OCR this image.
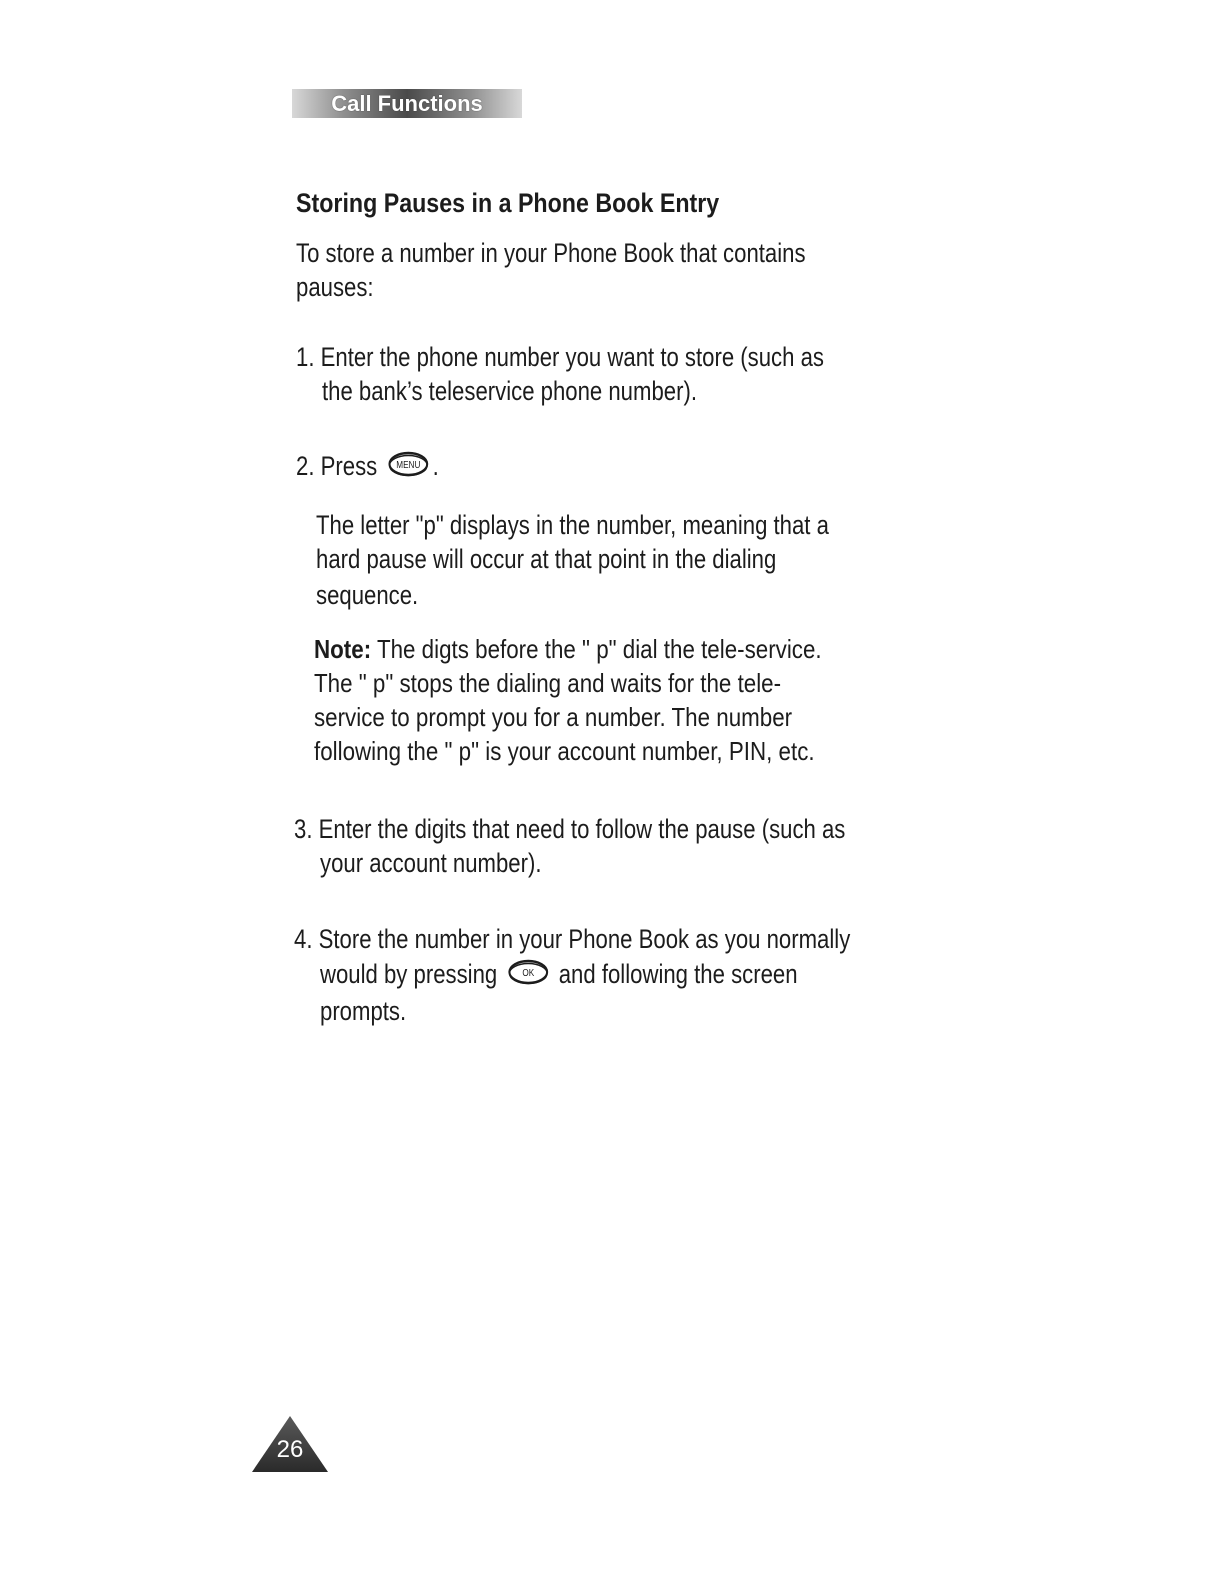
Call Functions
Storing Pauses in a Phone Book Entry

To store a number in your Phone Book that contains

pauses:

1. Enter the phone number you want to store (such as

the bank’s teleservice phone number).

2. Press MENU .

The letter "p" displays in the number, meaning that a

hard pause will occur at that point in the dialing

sequence.

Note: The digts before the " p" dial the tele-service.
The " p" stops the dialing and waits for the tele-
service to prompt you for a number. The number
following the " p" is your account number, PIN, etc.

3. Enter the digits that need to follow the pause (such as

your account number).

4. Store the number in your Phone Book as you normally

would by pressing OK and following the screen

prompts.

26
